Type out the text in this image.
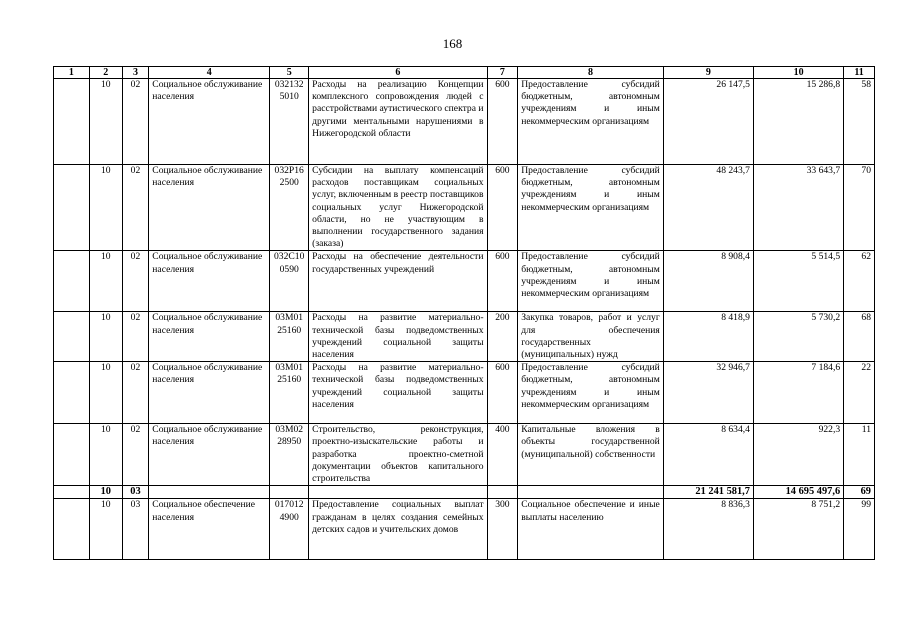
168
1	2	3	4	5	6	7	8	9	10	11
	10	02	Социальное обслуживание населения	032132 5010	Расходы на реализацию Концепции комплексного сопровождения людей с расстройствами аутистического спектра и другими ментальными нарушениями в Нижегородской области	600	Предоставление субсидий бюджетным, автономным учреждениям и иным некоммерческим организациям	26 147,5	15 286,8	58
	10	02	Социальное обслуживание населения	032P16 2500	Субсидии на выплату компенсаций расходов поставщикам социальных услуг, включенным в реестр поставщиков социальных услуг Нижегородской области, но не участвующим в выполнении государственного задания (заказа)	600	Предоставление субсидий бюджетным, автономным учреждениям и иным некоммерческим организациям	48 243,7	33 643,7	70
	10	02	Социальное обслуживание населения	032C10 0590	Расходы на обеспечение деятельности государственных учреждений	600	Предоставление субсидий бюджетным, автономным учреждениям и иным некоммерческим организациям	8 908,4	5 514,5	62
	10	02	Социальное обслуживание населения	03М01 25160	Расходы на развитие материально-технической базы подведомственных учреждений социальной защиты населения	200	Закупка товаров, работ и услуг для обеспечения государственных (муниципальных) нужд	8 418,9	5 730,2	68
	10	02	Социальное обслуживание населения	03М01 25160	Расходы на развитие материально-технической базы подведомственных учреждений социальной защиты населения	600	Предоставление субсидий бюджетным, автономным учреждениям и иным некоммерческим организациям	32 946,7	7 184,6	22
	10	02	Социальное обслуживание населения	03М02 28950	Строительство, реконструкция, проектно-изыскательские работы и разработка проектно-сметной документации объектов капитального строительства	400	Капитальные вложения в объекты государственной (муниципальной) собственности	8 634,4	922,3	11
	10	03						21 241 581,7	14 695 497,6	69
	10	03	Социальное обеспечение населения	017012 4900	Предоставление социальных выплат гражданам в целях создания семейных детских садов и учительских домов	300	Социальное обеспечение и иные выплаты населению	8 836,3	8 751,2	99
